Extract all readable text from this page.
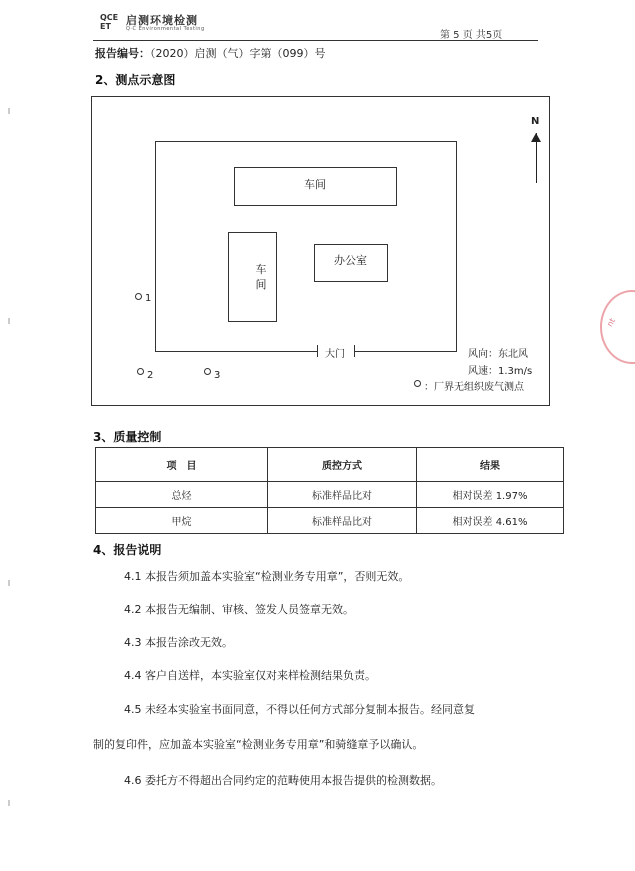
QCE
ET	启测环境检测
Q·C Environmental Testing
第 5 页 共5页
报告编号：（2020）启测（气）字第（099）号
2、测点示意图
大门
车间
车
间
办公室
N
1
2	3
风向：东北风
风速：1.3m/s
：厂界无组织废气测点
3、质量控制
项　目	质控方式	结果
总烃	标准样品比对	相对误差 1.97%
甲烷	标准样品比对	相对误差 4.61%
4、报告说明
4.1 本报告须加盖本实验室“检测业务专用章”，否则无效。
4.2 本报告无编制、审核、签发人员签章无效。
4.3 本报告涂改无效。
4.4 客户自送样，本实验室仅对来样检测结果负责。
4.5 未经本实验室书面同意，不得以任何方式部分复制本报告。经同意复
制的复印件，应加盖本实验室“检测业务专用章”和骑缝章予以确认。
4.6 委托方不得超出合同约定的范畴使用本报告提供的检测数据。
nt
